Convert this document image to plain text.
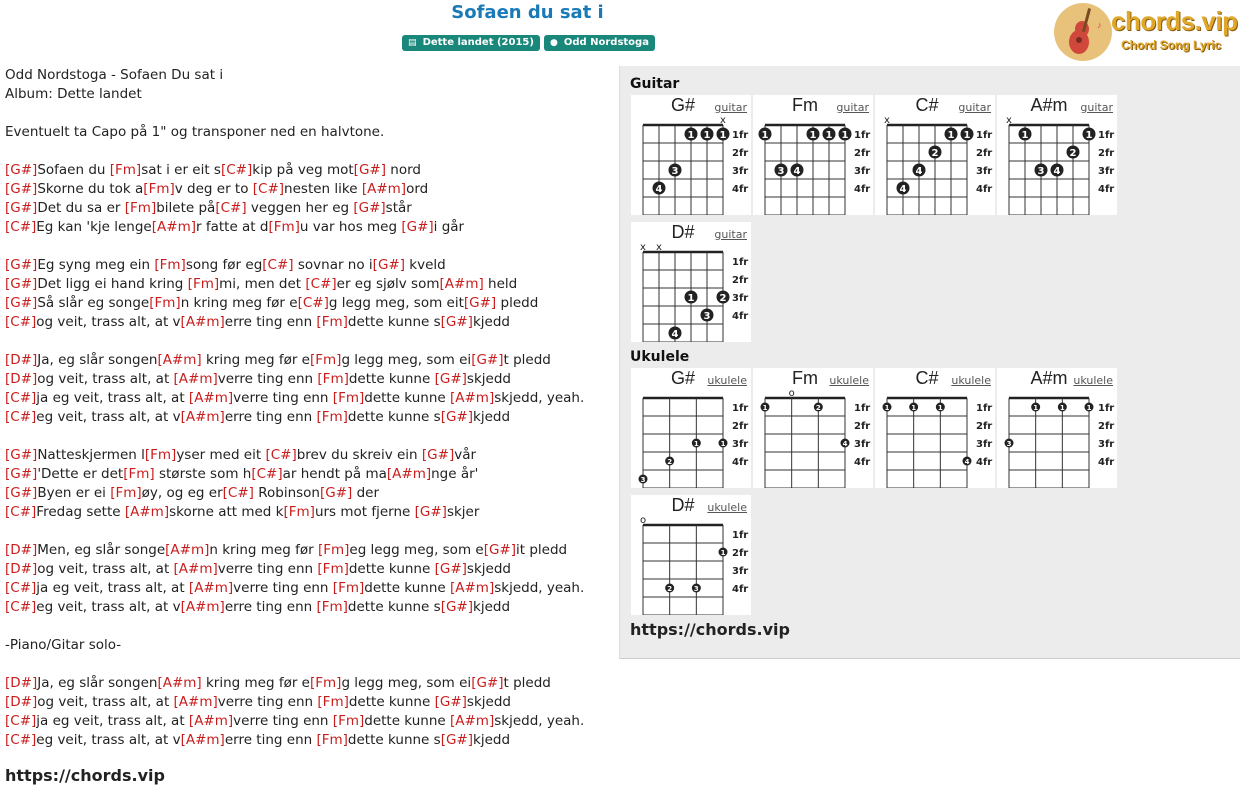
Sofaen du sat i
▤ Dette landet (2015) ● Odd Nordstoga
♪ chords.vip
Chord Song Lyric
Odd Nordstoga - Sofaen Du sat i
Album: Dette landet
Eventuelt ta Capo på 1" og transponer ned en halvtone.
[G#]Sofaen du [Fm]sat i er eit s[C#]kip på veg mot[G#] nord
[G#]Skorne du tok a[Fm]v deg er to [C#]nesten like [A#m]ord
[G#]Det du sa er [Fm]bilete på[C#] veggen her eg [G#]står
[C#]Eg kan 'kje lenge[A#m]r fatte at d[Fm]u var hos meg [G#]i går
[G#]Eg syng meg ein [Fm]song før eg[C#] sovnar no i[G#] kveld
[G#]Det ligg ei hand kring [Fm]mi, men det [C#]er eg sjølv som[A#m] held
[G#]Så slår eg songe[Fm]n kring meg før e[C#]g legg meg, som eit[G#] pledd
[C#]og veit, trass alt, at v[A#m]erre ting enn [Fm]dette kunne s[G#]kjedd
[D#]Ja, eg slår songen[A#m] kring meg før e[Fm]g legg meg, som ei[G#]t pledd
[D#]og veit, trass alt, at [A#m]verre ting enn [Fm]dette kunne [G#]skjedd
[C#]ja eg veit, trass alt, at [A#m]verre ting enn [Fm]dette kunne [A#m]skjedd, yeah.
[C#]eg veit, trass alt, at v[A#m]erre ting enn [Fm]dette kunne s[G#]kjedd
[G#]Natteskjermen l[Fm]yser med eit [C#]brev du skreiv ein [G#]vår
[G#]'Dette er det[Fm] største som h[C#]ar hendt på ma[A#m]nge år'
[G#]Byen er ei [Fm]øy, og eg er[C#] Robinson[G#] der
[C#]Fredag sette [A#m]skorne att med k[Fm]urs mot fjerne [G#]skjer
[D#]Men, eg slår songe[A#m]n kring meg før [Fm]eg legg meg, som e[G#]it pledd
[D#]og veit, trass alt, at [A#m]verre ting enn [Fm]dette kunne [G#]skjedd
[C#]ja eg veit, trass alt, at [A#m]verre ting enn [Fm]dette kunne [A#m]skjedd, yeah.
[C#]eg veit, trass alt, at v[A#m]erre ting enn [Fm]dette kunne s[G#]kjedd
-Piano/Gitar solo-
[D#]Ja, eg slår songen[A#m] kring meg før e[Fm]g legg meg, som ei[G#]t pledd
[D#]og veit, trass alt, at [A#m]verre ting enn [Fm]dette kunne [G#]skjedd
[C#]ja eg veit, trass alt, at [A#m]verre ting enn [Fm]dette kunne [A#m]skjedd, yeah.
[C#]eg veit, trass alt, at v[A#m]erre ting enn [Fm]dette kunne s[G#]kjedd
https://chords.vip
Guitar
G#	guitar
x
1fr
2fr
3fr
4fr
4
3
1 1 1
Fm	guitar
1fr
2fr
3fr
4fr
1
3 4
1 1 1
C#	guitar
x
1fr
2fr
3fr
4fr
4
4
2
1 1
A#m	guitar
x
1fr
2fr
3fr
4fr
1
3 4
2
1
D#	guitar
x x
1fr
2fr
3fr
4fr
4
1
3
2
Ukulele
G#	ukulele
1fr
2fr
3fr
4fr
3
2
1	1
Fm	ukulele
o
1fr
2fr
3fr
4fr
1	2
4
C#	ukulele
1fr
2fr
3fr
4fr
1	1	1
4
A#m ukulele
1fr
2fr
3fr
4fr
3
1	1	1
D#	ukulele
o
1fr
2fr
3fr
4fr
2	3
1
https://chords.vip
